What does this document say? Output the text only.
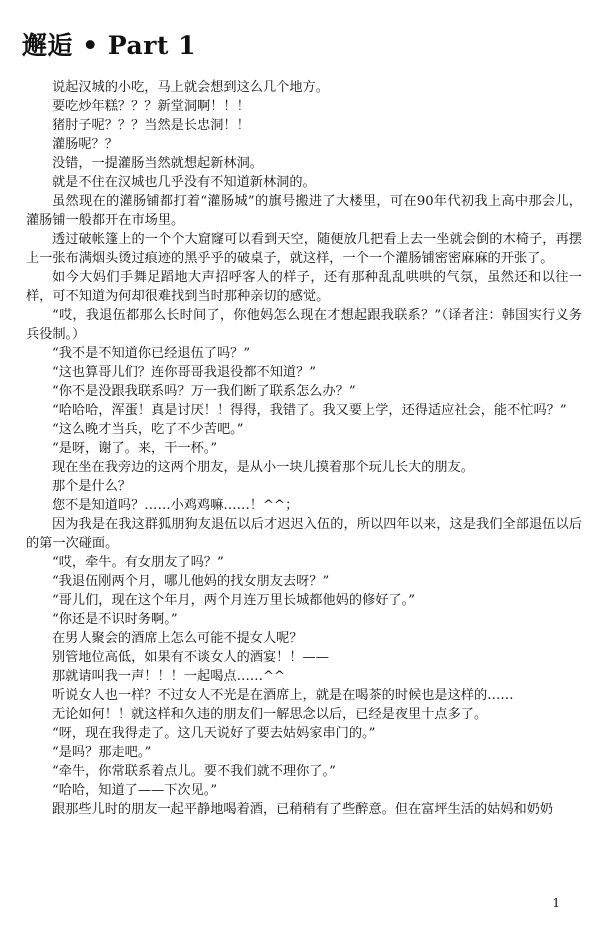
邂逅 • Part 1

说起汉城的小吃，马上就会想到这么几个地方。

要吃炒年糕？？？新堂洞啊！！！

猪肘子呢？？？当然是长忠洞！！

灌肠呢？？

没错，一提灌肠当然就想起新林洞。

就是不住在汉城也几乎没有不知道新林洞的。

虽然现在的灌肠铺都打着“灌肠城”的旗号搬进了大楼里，可在90年代初我上高中那会儿，灌肠铺一般都开在市场里。

透过破帐篷上的一个个大窟窿可以看到天空，随便放几把看上去一坐就会倒的木椅子，再摆上一张布满烟头烫过痕迹的黑乎乎的破桌子，就这样，一个一个灌肠铺密密麻麻的开张了。

如今大妈们手舞足蹈地大声招呼客人的样子，还有那种乱乱哄哄的气氛，虽然还和以往一样，可不知道为何却很难找到当时那种亲切的感觉。

“哎，我退伍都那么长时间了，你他妈怎么现在才想起跟我联系？”（译者注：韩国实行义务兵役制。）

“我不是不知道你已经退伍了吗？”

“这也算哥儿们？连你哥哥我退役都不知道？”

“你不是没跟我联系吗？万一我们断了联系怎么办？”

“哈哈哈，浑蛋！真是讨厌！！得得，我错了。我又要上学，还得适应社会，能不忙吗？”

“这么晚才当兵，吃了不少苦吧。”

“是呀，谢了。来，干一杯。”

现在坐在我旁边的这两个朋友，是从小一块儿摸着那个玩儿长大的朋友。

那个是什么？

您不是知道吗？……小鸡鸡嘛……！^^；

因为我是在我这群狐朋狗友退伍以后才迟迟入伍的，所以四年以来，这是我们全部退伍以后的第一次碰面。

“哎，牵牛。有女朋友了吗？”

“我退伍刚两个月，哪儿他妈的找女朋友去呀？”

“哥儿们，现在这个年月，两个月连万里长城都他妈的修好了。”

“你还是不识时务啊。”

在男人聚会的酒席上怎么可能不提女人呢？

别管地位高低，如果有不谈女人的酒宴！！——

那就请叫我一声！！！一起喝点……^^

听说女人也一样？不过女人不光是在酒席上，就是在喝茶的时候也是这样的……

无论如何！！就这样和久违的朋友们一解思念以后，已经是夜里十点多了。

“呀，现在我得走了。这几天说好了要去姑妈家串门的。”

“是吗？那走吧。”

“牵牛，你常联系着点儿。要不我们就不理你了。”

“哈哈，知道了——下次见。”

跟那些儿时的朋友一起平静地喝着酒，已稍稍有了些醉意。但在富坪生活的姑妈和奶奶

1
